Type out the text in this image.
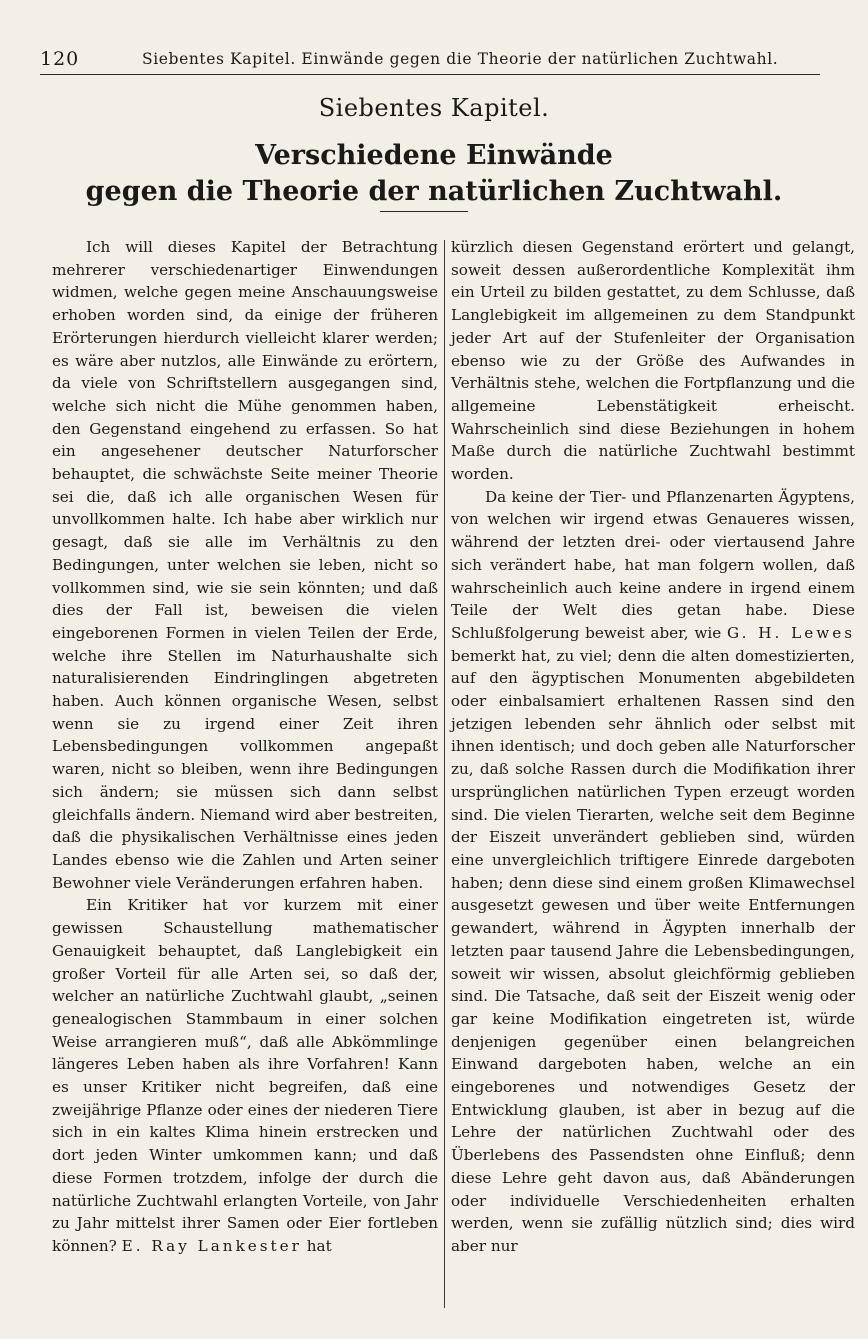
120	Siebentes Kapitel. Einwände gegen die Theorie der natürlichen Zuchtwahl.
Siebentes Kapitel.
Verschiedene Einwände
gegen die Theorie der natürlichen Zuchtwahl.

Ich will dieses Kapitel der Betrachtung mehrerer verschiedenartiger Einwendungen widmen, welche gegen meine Anschauungsweise erhoben worden sind, da einige der früheren Erörterungen hierdurch vielleicht klarer werden; es wäre aber nutzlos, alle Einwände zu erörtern, da viele von Schriftstellern ausgegangen sind, welche sich nicht die Mühe genommen haben, den Gegenstand eingehend zu erfassen. So hat ein angesehener deutscher Naturforscher behauptet, die schwächste Seite meiner Theorie sei die, daß ich alle organischen Wesen für unvollkommen halte. Ich habe aber wirklich nur gesagt, daß sie alle im Verhältnis zu den Bedingungen, unter welchen sie leben, nicht so vollkommen sind, wie sie sein könnten; und daß dies der Fall ist, beweisen die vielen eingeborenen Formen in vielen Teilen der Erde, welche ihre Stellen im Naturhaushalte sich naturalisierenden Eindringlingen abgetreten haben. Auch können organische Wesen, selbst wenn sie zu irgend einer Zeit ihren Lebensbedingungen vollkommen angepaßt waren, nicht so bleiben, wenn ihre Bedingungen sich ändern; sie müssen sich dann selbst gleichfalls ändern. Niemand wird aber bestreiten, daß die physikalischen Verhältnisse eines jeden Landes ebenso wie die Zahlen und Arten seiner Bewohner viele Veränderungen erfahren haben.

Ein Kritiker hat vor kurzem mit einer gewissen Schaustellung mathematischer Genauigkeit behauptet, daß Langlebigkeit ein großer Vorteil für alle Arten sei, so daß der, welcher an natürliche Zuchtwahl glaubt, „seinen genealogischen Stammbaum in einer solchen Weise arrangieren muß“, daß alle Abkömmlinge längeres Leben haben als ihre Vorfahren! Kann es unser Kritiker nicht begreifen, daß eine zweijährige Pflanze oder eines der niederen Tiere sich in ein kaltes Klima hinein erstrecken und dort jeden Winter umkommen kann; und daß diese Formen trotzdem, infolge der durch die natürliche Zuchtwahl erlangten Vorteile, von Jahr zu Jahr mittelst ihrer Samen oder Eier fortleben können? E. Ray Lankester hat

kürzlich diesen Gegenstand erörtert und gelangt, soweit dessen außerordentliche Komplexität ihm ein Urteil zu bilden gestattet, zu dem Schlusse, daß Langlebigkeit im allgemeinen zu dem Standpunkt jeder Art auf der Stufenleiter der Organisation ebenso wie zu der Größe des Aufwandes in Verhältnis stehe, welchen die Fortpflanzung und die allgemeine Lebenstätigkeit erheischt. Wahrscheinlich sind diese Beziehungen in hohem Maße durch die natürliche Zuchtwahl bestimmt worden.

Da keine der Tier- und Pflanzenarten Ägyptens, von welchen wir irgend etwas Genaueres wissen, während der letzten drei- oder viertausend Jahre sich verändert habe, hat man folgern wollen, daß wahrscheinlich auch keine andere in irgend einem Teile der Welt dies getan habe. Diese Schlußfolgerung beweist aber, wie G. H. Lewes bemerkt hat, zu viel; denn die alten domestizierten, auf den ägyptischen Monumenten abgebildeten oder einbalsamiert erhaltenen Rassen sind den jetzigen lebenden sehr ähnlich oder selbst mit ihnen identisch; und doch geben alle Naturforscher zu, daß solche Rassen durch die Modifikation ihrer ursprünglichen natürlichen Typen erzeugt worden sind. Die vielen Tierarten, welche seit dem Beginne der Eiszeit unverändert geblieben sind, würden eine unvergleichlich triftigere Einrede dargeboten haben; denn diese sind einem großen Klimawechsel ausgesetzt gewesen und über weite Entfernungen gewandert, während in Ägypten innerhalb der letzten paar tausend Jahre die Lebensbedingungen, soweit wir wissen, absolut gleichförmig geblieben sind. Die Tatsache, daß seit der Eiszeit wenig oder gar keine Modifikation eingetreten ist, würde denjenigen gegenüber einen belangreichen Einwand dargeboten haben, welche an ein eingeborenes und notwendiges Gesetz der Entwicklung glauben, ist aber in bezug auf die Lehre der natürlichen Zuchtwahl oder des Überlebens des Passendsten ohne Einfluß; denn diese Lehre geht davon aus, daß Abänderungen oder individuelle Verschiedenheiten erhalten werden, wenn sie zufällig nützlich sind; dies wird aber nur
